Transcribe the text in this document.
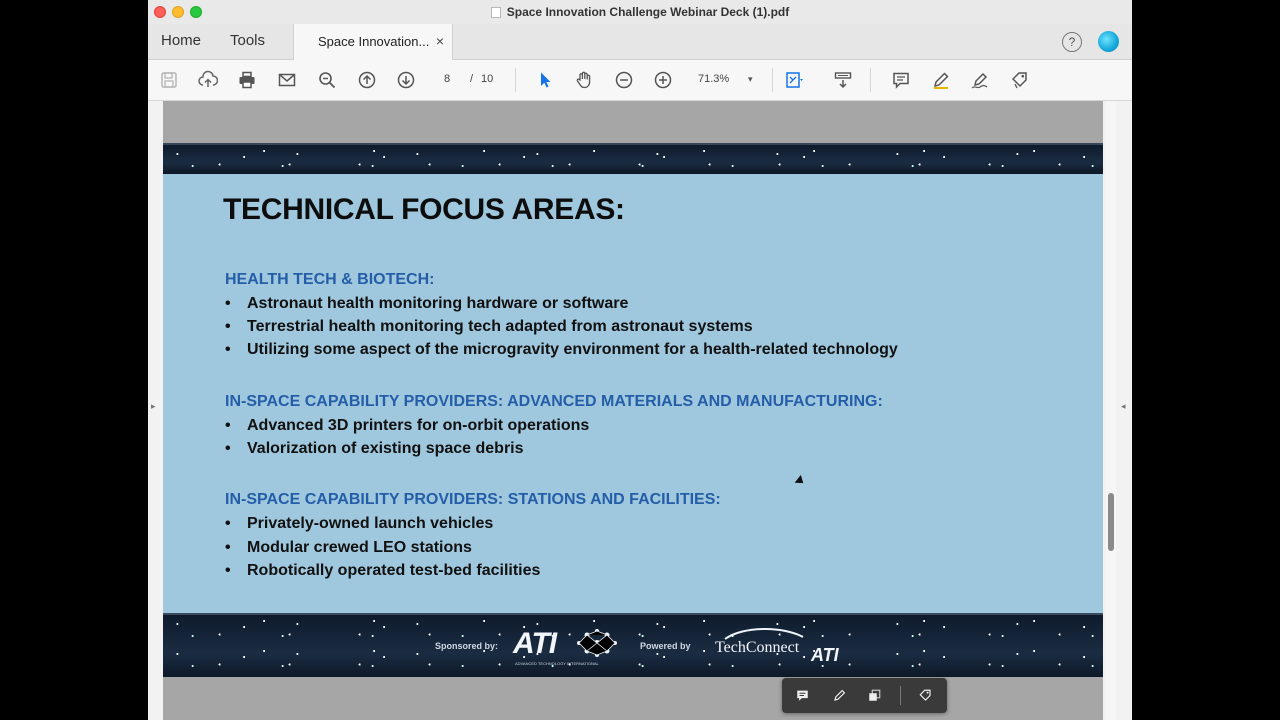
Space Innovation Challenge Webinar Deck (1).pdf
Home Tools	Space Innovation... ×	?
8	/ 10	71.3%	▾
▸	◂
TECHNICAL FOCUS AREAS:
HEALTH TECH & BIOTECH:
• Astronaut health monitoring hardware or software
• Terrestrial health monitoring tech adapted from astronaut systems
• Utilizing some aspect of the microgravity environment for a health-related technology
IN-SPACE CAPABILITY PROVIDERS: ADVANCED MATERIALS AND MANUFACTURING:
• Advanced 3D printers for on-orbit operations
• Valorization of existing space debris
IN-SPACE CAPABILITY PROVIDERS: STATIONS AND FACILITIES:
• Privately-owned launch vehicles
• Modular crewed LEO stations
• Robotically operated test-bed facilities
Sponsored by: ATI
ADVANCED TECHNOLOGY INTERNATIONAL
Powered by TechConnect ATI
